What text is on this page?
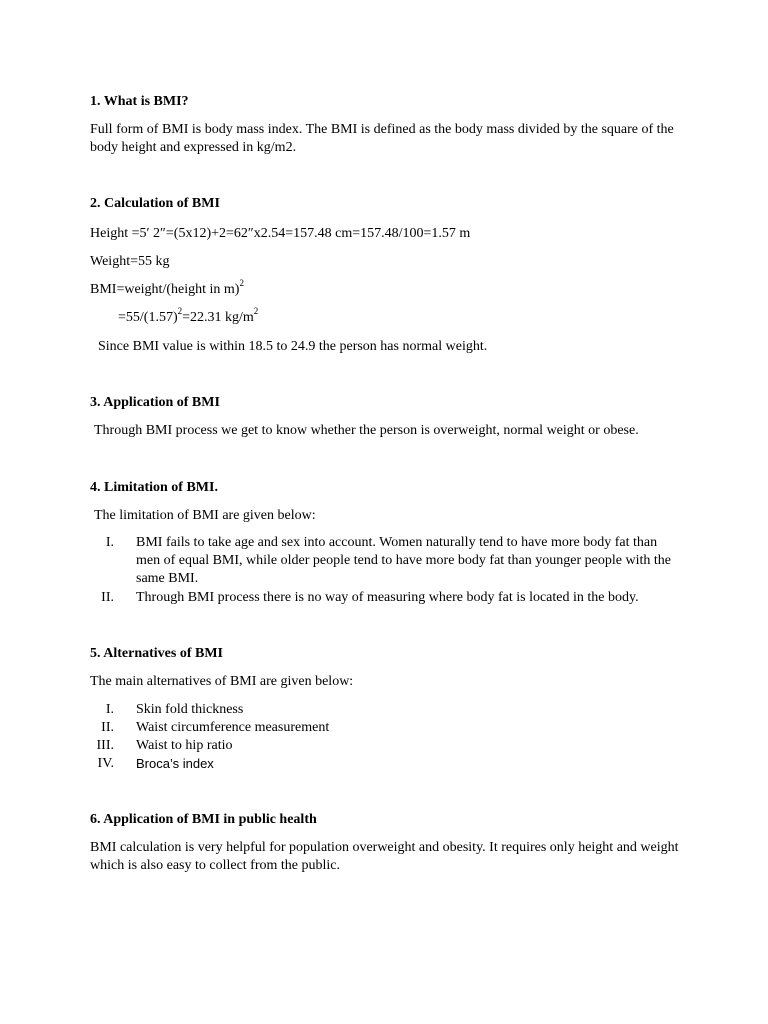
1. What is BMI?
Full form of BMI is body mass index. The BMI is defined as the body mass divided by the square of the body height and expressed in kg/m2.
2. Calculation of BMI
Height =5′ 2″=(5x12)+2=62″x2.54=157.48 cm=157.48/100=1.57 m
Weight=55 kg
BMI=weight/(height in m)$^2$
$=55/(1.57)^2=22.31$ $kg/m^2$
Since BMI value is within 18.5 to 24.9 the person has normal weight.
3. Application of BMI
Through BMI process we get to know whether the person is overweight, normal weight or obese.
4. Limitation of BMI.
The limitation of BMI are given below:
I. BMI fails to take age and sex into account. Women naturally tend to have more body fat than men of equal BMI, while older people tend to have more body fat than younger people with the same BMI.
II. Through BMI process there is no way of measuring where body fat is located in the body.
5. Alternatives of BMI
The main alternatives of BMI are given below:
I. Skin fold thickness
II. Waist circumference measurement
III. Waist to hip ratio
IV. Broca’s index
6. Application of BMI in public health
BMI calculation is very helpful for population overweight and obesity. It requires only height and weight which is also easy to collect from the public.
